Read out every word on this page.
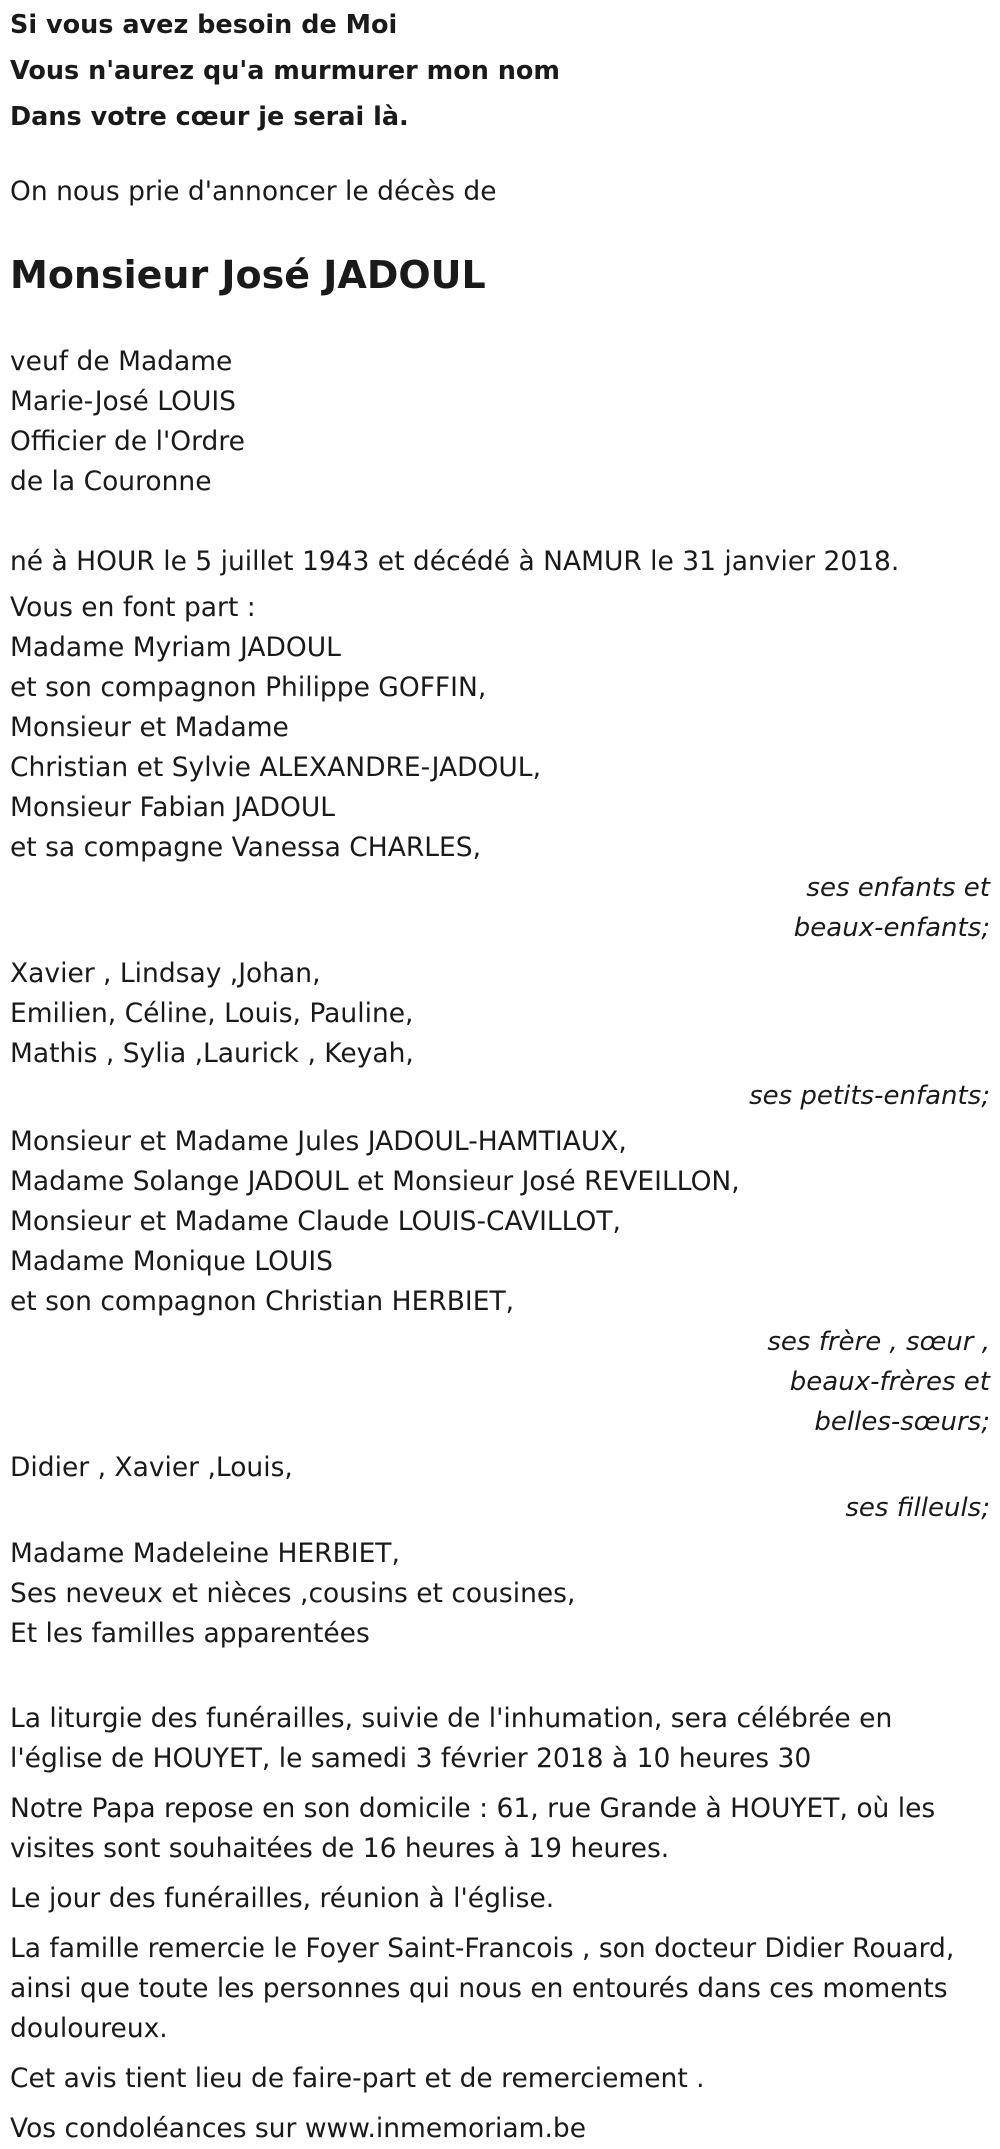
Si vous avez besoin de Moi
Vous n'aurez qu'a murmurer mon nom
Dans votre cœur je serai là.
On nous prie d'annoncer le décès de
Monsieur José JADOUL
veuf de Madame
Marie-José LOUIS
Officier de l'Ordre
de la Couronne
né à HOUR le 5 juillet 1943 et décédé à NAMUR le 31 janvier 2018.
Vous en font part :
Madame Myriam JADOUL
et son compagnon Philippe GOFFIN,
Monsieur et Madame
Christian et Sylvie ALEXANDRE-JADOUL,
Monsieur Fabian JADOUL
et sa compagne Vanessa CHARLES,
ses enfants et
beaux-enfants;
Xavier , Lindsay ,Johan,
Emilien, Céline, Louis, Pauline,
Mathis , Sylia ,Laurick , Keyah,
ses petits-enfants;
Monsieur et Madame Jules JADOUL-HAMTIAUX,
Madame Solange JADOUL et Monsieur José REVEILLON,
Monsieur et Madame Claude LOUIS-CAVILLOT,
Madame Monique LOUIS
et son compagnon Christian HERBIET,
ses frère , sœur ,
beaux-frères et
belles-sœurs;
Didier , Xavier ,Louis,
ses filleuls;
Madame Madeleine HERBIET,
Ses neveux et nièces ,cousins et cousines,
Et les familles apparentées
La liturgie des funérailles, suivie de l'inhumation, sera célébrée en l'église de HOUYET, le samedi 3 février 2018 à 10 heures 30
Notre Papa repose en son domicile : 61, rue Grande à HOUYET, où les visites sont souhaitées de 16 heures à 19 heures.
Le jour des funérailles, réunion à l'église.
La famille remercie le Foyer Saint-Francois , son docteur Didier Rouard, ainsi que toute les personnes qui nous en entourés dans ces moments douloureux.
Cet avis tient lieu de faire-part et de remerciement .
Vos condoléances sur www.inmemoriam.be
